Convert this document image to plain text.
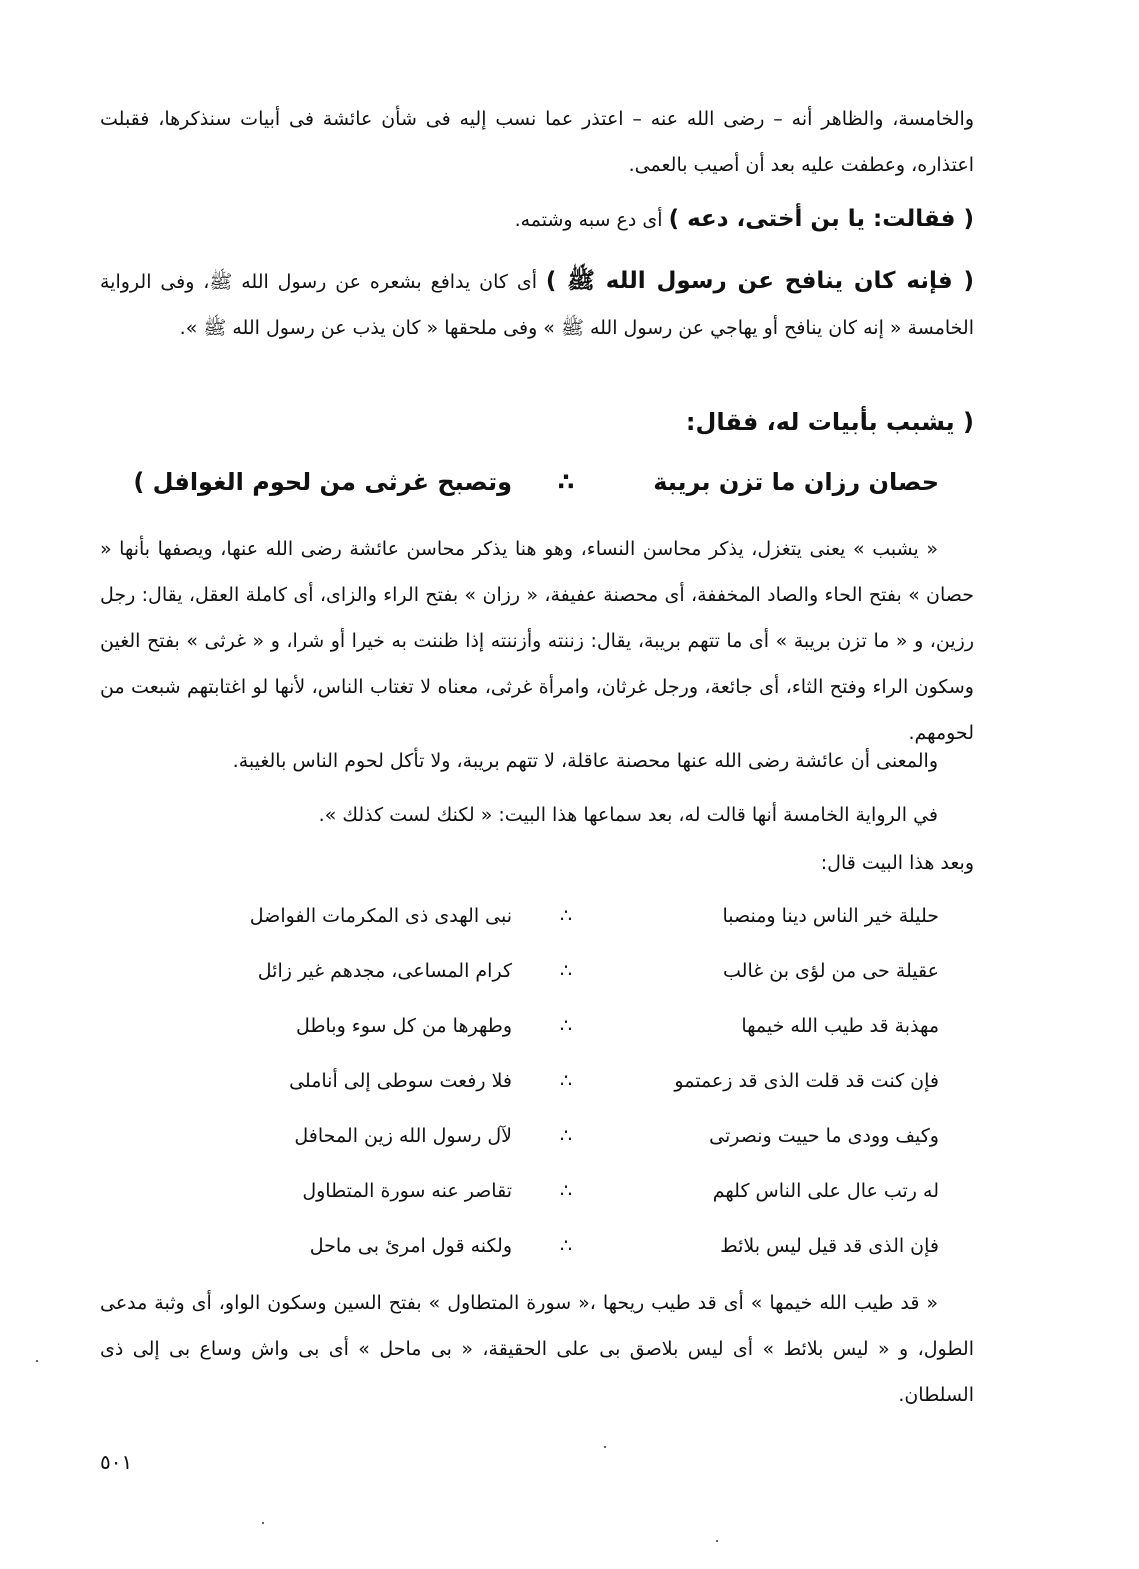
والخامسة، والظاهر أنه – رضى الله عنه – اعتذر عما نسب إليه فى شأن عائشة فى أبيات سنذكرها، فقبلت اعتذاره، وعطفت عليه بعد أن أصيب بالعمى.
( فقالت: يا بن أختى، دعه ) أى دع سبه وشتمه.
( فإنه كان ينافح عن رسول الله ﷺ ) أى كان يدافع بشعره عن رسول الله ﷺ، وفى الرواية الخامسة « إنه كان ينافح أو يهاجي عن رسول الله ﷺ » وفى ملحقها « كان يذب عن رسول الله ﷺ ».
( يشبب بأبيات له، فقال:
حصان رزان ما تزن بريبة
∴
وتصبح غرثى من لحوم الغوافل )
« يشبب » يعنى يتغزل، يذكر محاسن النساء، وهو هنا يذكر محاسن عائشة رضى الله عنها، ويصفها بأنها « حصان » بفتح الحاء والصاد المخففة، أى محصنة عفيفة، « رزان » بفتح الراء والزاى، أى كاملة العقل، يقال: رجل رزين، و « ما تزن بريبة » أى ما تتهم بريبة، يقال: زننته وأزننته إذا ظننت به خيرا أو شرا، و « غرثى » بفتح الغين وسكون الراء وفتح الثاء، أى جائعة، ورجل غرثان، وامرأة غرثى، معناه لا تغتاب الناس، لأنها لو اغتابتهم شبعت من لحومهم.
والمعنى أن عائشة رضى الله عنها محصنة عاقلة، لا تتهم بريبة، ولا تأكل لحوم الناس بالغيبة.
في الرواية الخامسة أنها قالت له، بعد سماعها هذا البيت: « لكنك لست كذلك ».
وبعد هذا البيت قال:
حليلة خير الناس دينا ومنصبا
∴
نبى الهدى ذى المكرمات الفواضل
عقيلة حى من لؤى بن غالب
∴
كرام المساعى، مجدهم غير زائل
مهذبة قد طيب الله خيمها
∴
وطهرها من كل سوء وباطل
فإن كنت قد قلت الذى قد زعمتمو
∴
فلا رفعت سوطى إلى أناملى
وكيف وودى ما حييت ونصرتى
∴
لآل رسول الله زين المحافل
له رتب عال على الناس كلهم
∴
تقاصر عنه سورة المتطاول
فإن الذى قد قيل ليس بلائط
∴
ولكنه قول امرئ بى ماحل
« قد طيب الله خيمها » أى قد طيب ريحها ،« سورة المتطاول » بفتح السين وسكون الواو، أى وثبة مدعى الطول، و « ليس بلائط » أى ليس بلاصق بى على الحقيقة، « بى ماحل » أى بى واش وساع بى إلى ذى السلطان.
٥٠١
